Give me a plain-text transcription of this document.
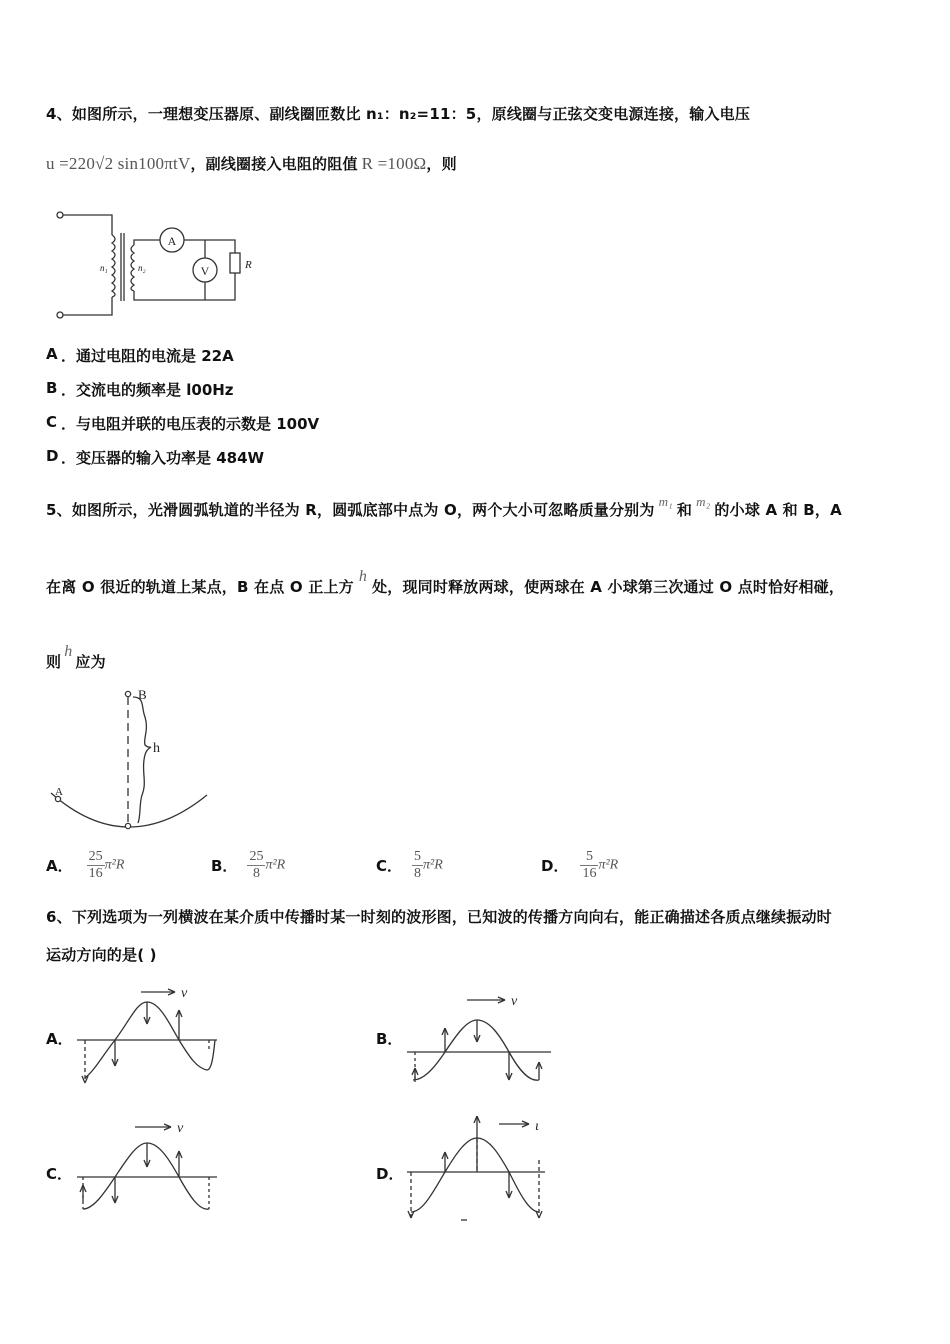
4、如图所示，一理想变压器原、副线圈匝数比 n₁：n₂=11：5，原线圈与正弦交变电源连接，输入电压
u =220√2 sin100πtV，副线圈接入电阻的阻值 R =100Ω，则
A
V	R
n₁	n₂
A ．通过电阻的电流是 22A
B ．交流电的频率是 l00Hz
C ．与电阻并联的电压表的示数是 100V
D ．变压器的输入功率是 484W
5、如图所示，光滑圆弧轨道的半径为 R，圆弧底部中点为 O，两个大小可忽略质量分别为 m₁ 和 m₂ 的小球 A 和 B，A
在离 O 很近的轨道上某点，B 在点 O 正上方h处，现同时释放两球，使两球在 A 小球第三次通过 O 点时恰好相碰，
则h应为
B
h
A
A． $\frac{25}{16} \pi^2R$	B． $\frac{25}{8} \pi^2R$	C． $\frac{5}{8} \pi^2R$	D． $\frac{5}{16} \pi^2R$
6、下列选项为一列横波在某介质中传播时某一时刻的波形图，已知波的传播方向向右，能正确描述各质点继续振动时
运动方向的是( )
A．
v
B．
v
C．
v
D．
ι
